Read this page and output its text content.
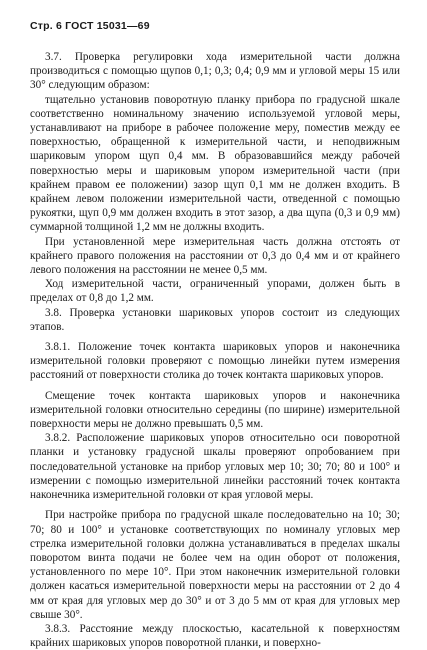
Стр. 6 ГОСТ 15031—69

3.7. Проверка регулировки хода измерительной части должна производиться с помощью щупов 0,1; 0,3; 0,4; 0,9 мм и угловой меры 15 или 30° следующим образом:

тщательно установив поворотную планку прибора по градусной шкале соответственно номинальному значению используемой угловой меры, устанавливают на приборе в рабочее положение меру, поместив между ее поверхностью, обращенной к измерительной части, и неподвижным шариковым упором щуп 0,4 мм. В образовавшийся между рабочей поверхностью меры и шариковым упором измерительной части (при крайнем правом ее положении) зазор щуп 0,1 мм не должен входить. В крайнем левом положении измерительной части, отведенной с помощью рукоятки, щуп 0,9 мм должен входить в этот зазор, а два щупа (0,3 и 0,9 мм) суммарной толщиной 1,2 мм не должны входить.

При установленной мере измерительная часть должна отстоять от крайнего правого положения на расстоянии от 0,3 до 0,4 мм и от крайнего левого положения на расстоянии не менее 0,5 мм.

Ход измерительной части, ограниченный упорами, должен быть в пределах от 0,8 до 1,2 мм.

3.8. Проверка установки шариковых упоров состоит из следующих этапов.

3.8.1. Положение точек контакта шариковых упоров и наконечника измерительной головки проверяют с помощью линейки путем измерения расстояний от поверхности столика до точек контакта шариковых упоров.

Смещение точек контакта шариковых упоров и наконечника измерительной головки относительно середины (по ширине) измерительной поверхности меры не должно превышать 0,5 мм.

3.8.2. Расположение шариковых упоров относительно оси поворотной планки и установку градусной шкалы проверяют опробованием при последовательной установке на прибор угловых мер 10; 30; 70; 80 и 100° и измерении с помощью измерительной линейки расстояний точек контакта наконечника измерительной головки от края угловой меры.

При настройке прибора по градусной шкале последовательно на 10; 30; 70; 80 и 100° и установке соответствующих по номиналу угловых мер стрелка измерительной головки должна устанавливаться в пределах шкалы поворотом винта подачи не более чем на один оборот от положения, установленного по мере 10°. При этом наконечник измерительной головки должен касаться измерительной поверхности меры на расстоянии от 2 до 4 мм от края для угловых мер до 30° и от 3 до 5 мм от края для угловых мер свыше 30°.

3.8.3. Расстояние между плоскостью, касательной к поверхностям крайних шариковых упоров поворотной планки, и поверхно-
